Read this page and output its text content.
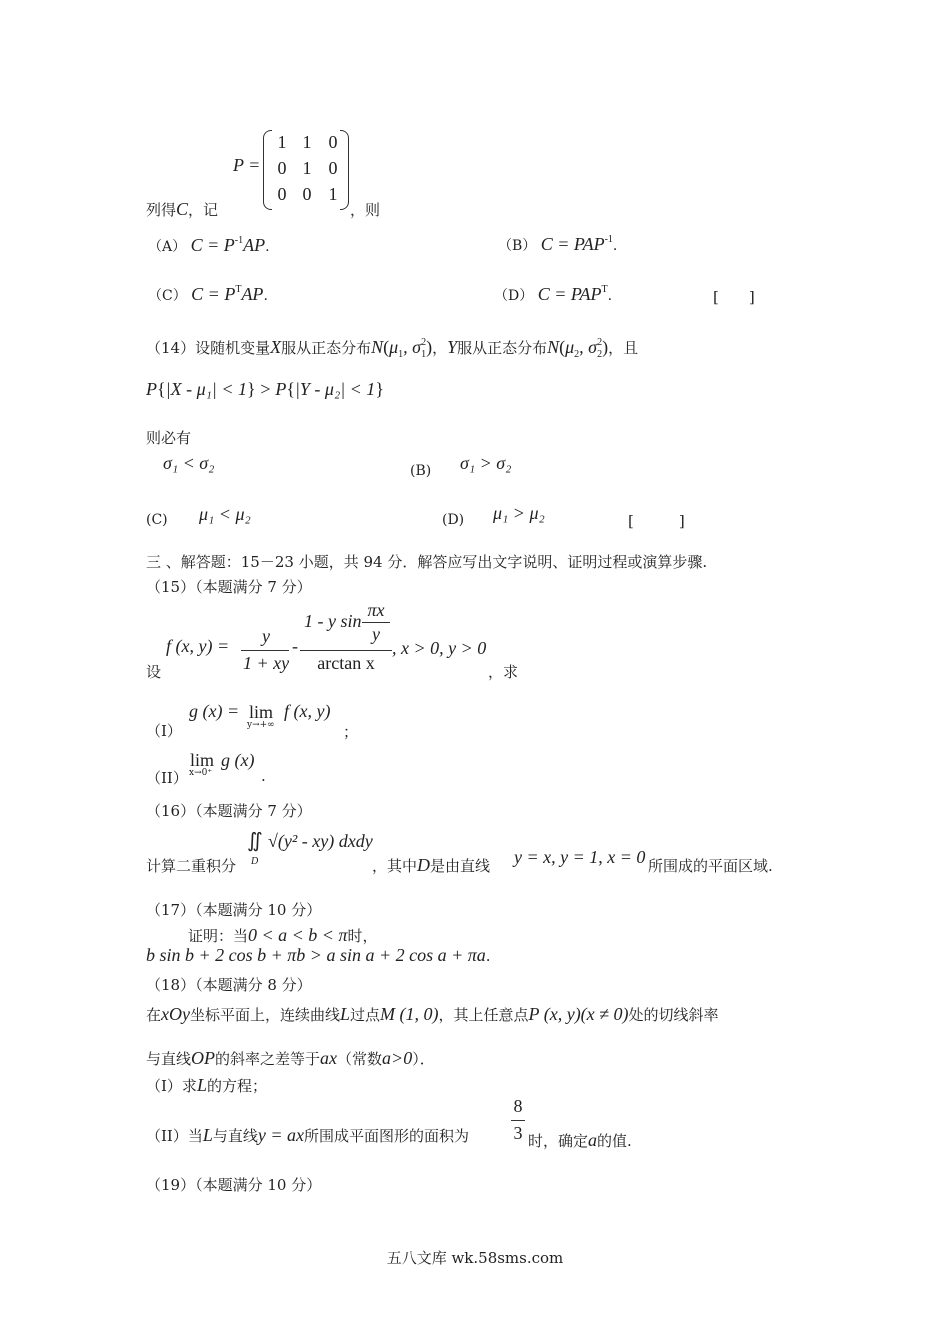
P =
1 1 0
0 1 0
0 0 1
列得C，记	，则
（A） $C = P^{-1}AP$.	（B） $C = PAP^{-1}$.
（C） $C = P^TAP$.	（D） $C = PAP^T$.	[　　]
（14）设随机变量X服从正态分布$N(\mu_1$, $\sigma_1^2$)，Y服从正态分布$N(\mu_2$, $\sigma_2^2$)，且
P{|X - μ₁| < 1} > P{|Y - μ₂| < 1}
则必有
σ₁ < σ₂	(B) σ₁ > σ₂
(C) μ₁ < μ₂	(D) μ₁ > μ₂	[　　　]
三 、解答题：15－23 小题，共 94 分．解答应写出文字说明、证明过程或演算步骤.
（15）（本题满分 7 分）
设
f (x, y) =	y
1 + xy
-
1 - y sin
πx
y
arctan x
, x > 0, y > 0
，求
（I）
g (x) = lim
y→+∞
f (x, y)
；
（II）
lim
x→0⁺
g (x)
.
（16）（本题满分 7 分）
计算二重积分
∬
D
√(y² - xy) dxdy
，其中D是由直线 y = x, y = 1, x = 0 所围成的平面区域.
（17）（本题满分 10 分）
证明：当0 < a < b < π时，
b sin b + 2 cos b + πb > a sin a + 2 cos a + πa.
（18）（本题满分 8 分）
在xOy坐标平面上，连续曲线L过点M (1, 0)，其上任意点P (x, y)(x ≠ 0)处的切线斜率
与直线OP的斜率之差等于ax（常数a>0）．
（I）求L的方程；
（II）当L与直线y = ax所围成平面图形的面积为
8
3 时，确定a的值.
（19）（本题满分 10 分）
五八文库 wk.58sms.com
